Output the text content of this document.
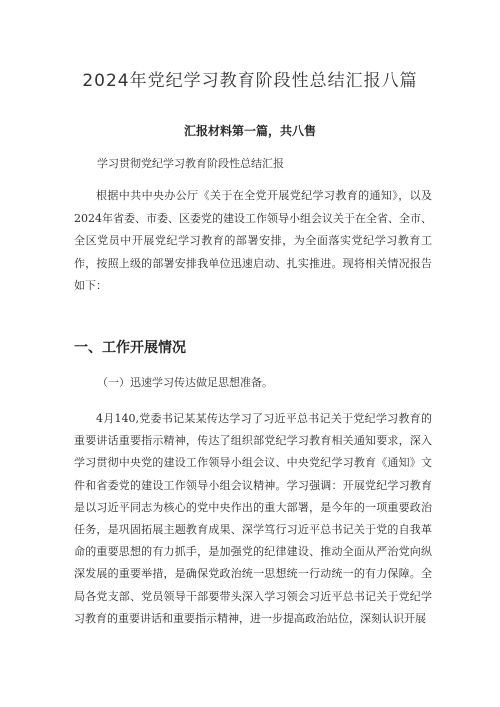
2024年党纪学习教育阶段性总结汇报八篇
汇报材料第一篇，共八售
学习贯彻党纪学习教育阶段性总结汇报
根据中共中央办公厅《关于在全党开展党纪学习教育的通知》，以及2024年省委、市委、区委党的建设工作领导小组会议关于在全省、全市、全区党员中开展党纪学习教育的部署安排，为全面落实党纪学习教育工作，按照上级的部署安排我单位迅速启动、扎实推进。现将相关情况报告如下：
一、工作开展情况
（一）迅速学习传达做足思想准备。
4月140,党委书记某某传达学习了习近平总书记关于党纪学习教育的重要讲话重要指示精神，传达了组织部党纪学习教育相关通知要求，深入学习贯彻中央党的建设工作领导小组会议、中央党纪学习教育《通知》文件和省委党的建设工作领导小组会议精神。学习强调：开展党纪学习教育是以习近平同志为核心的党中央作出的重大部署，是今年的一项重要政治任务，是巩固拓展主题教育成果、深学笃行习近平总书记关于党的自我革命的重要思想的有力抓手，是加强党的纪律建设、推动全面从严治党向纵深发展的重要举措，是确保党政治统一思想统一行动统一的有力保障。全局各党支部、党员领导干部要带头深入学习领会习近平总书记关于党纪学习教育的重要讲话和重要指示精神，进一步提高政治站位，深刻认识开展
